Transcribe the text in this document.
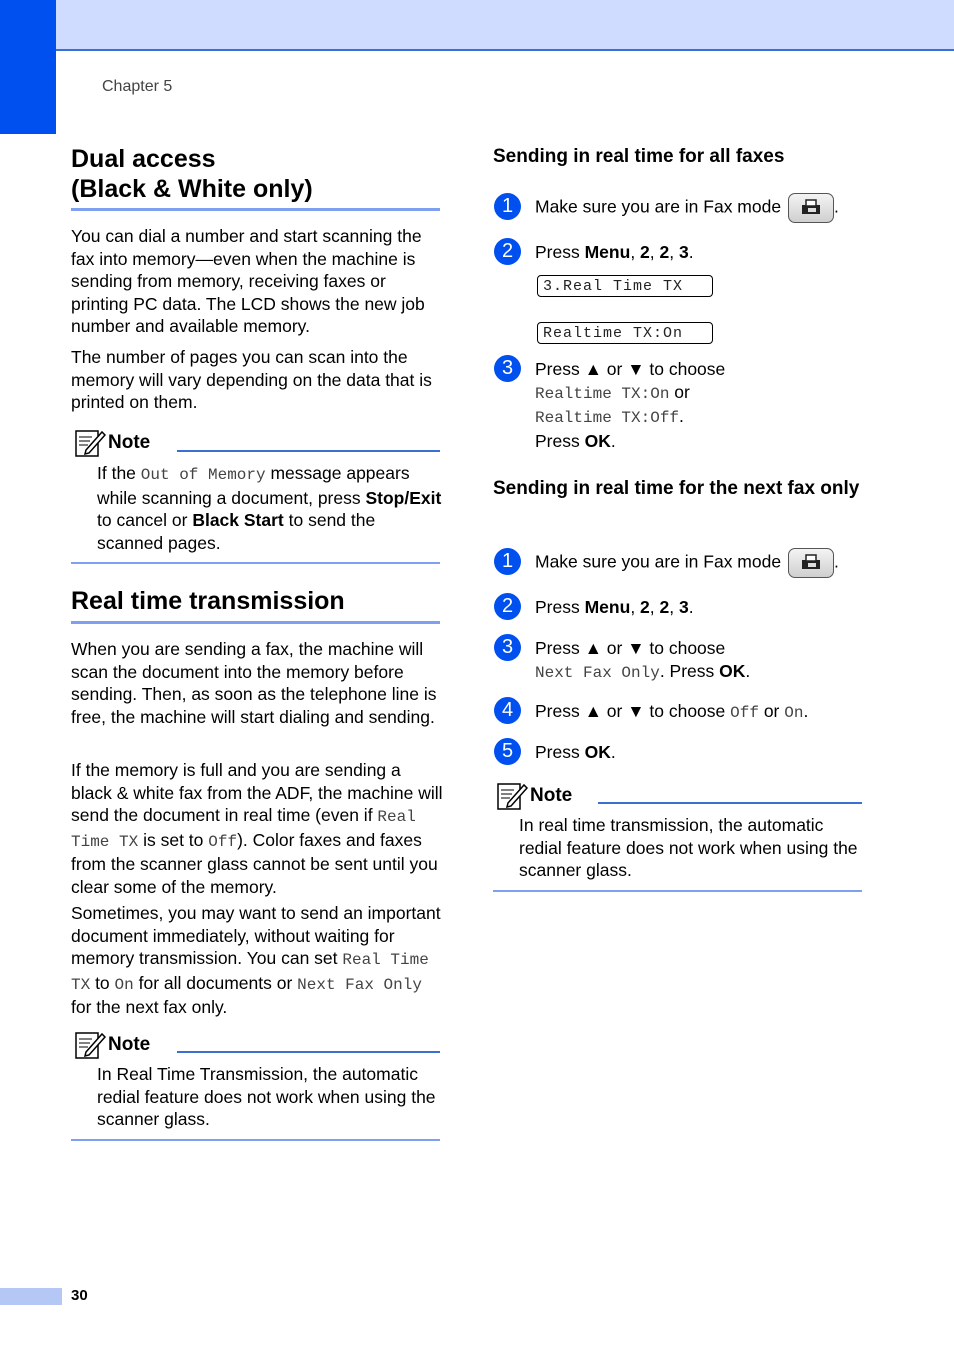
Chapter 5
Dual access
(Black & White only)
You can dial a number and start scanning the fax into memory—even when the machine is sending from memory, receiving faxes or printing PC data. The LCD shows the new job number and available memory.
The number of pages you can scan into the memory will vary depending on the data that is printed on them.
Note
If the Out of Memory message appears while scanning a document, press Stop/Exit to cancel or Black Start to send the scanned pages.
Real time transmission
When you are sending a fax, the machine will scan the document into the memory before sending. Then, as soon as the telephone line is free, the machine will start dialing and sending.
If the memory is full and you are sending a black & white fax from the ADF, the machine will send the document in real time (even if Real Time TX is set to Off). Color faxes and faxes from the scanner glass cannot be sent until you clear some of the memory.
Sometimes, you may want to send an important document immediately, without waiting for memory transmission. You can set Real Time TX to On for all documents or Next Fax Only for the next fax only.
Note
In Real Time Transmission, the automatic redial feature does not work when using the scanner glass.
Sending in real time for all faxes
1	Make sure you are in Fax mode	.
2	Press Menu, 2, 2, 3.
3.Real Time TX
Realtime TX:On
3	Press ▲ or ▼ to choose
Realtime TX:On or
Realtime TX:Off.
Press OK.
Sending in real time for the next fax only
1	Make sure you are in Fax mode	.
2	Press Menu, 2, 2, 3.
3	Press ▲ or ▼ to choose
Next Fax Only. Press OK.
4	Press ▲ or ▼ to choose Off or On.
5	Press OK.
Note
In real time transmission, the automatic redial feature does not work when using the scanner glass.
30
